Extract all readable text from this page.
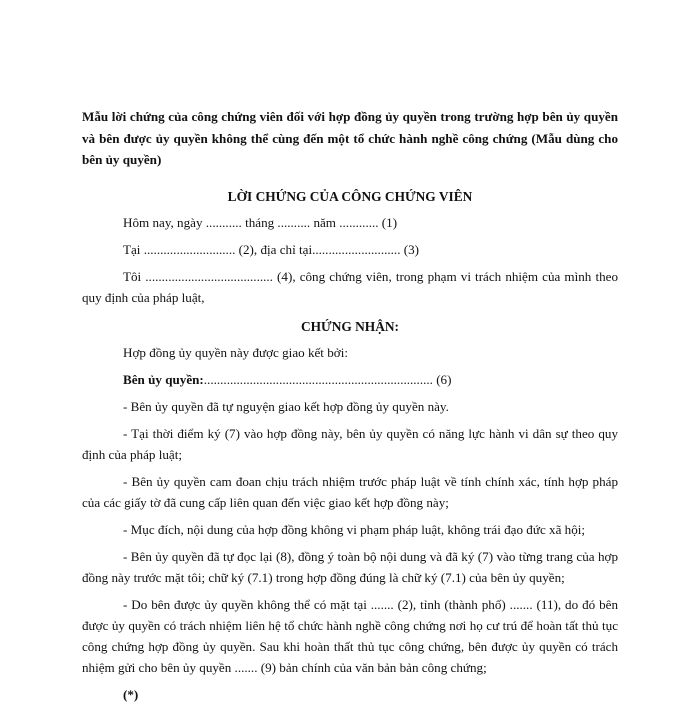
Mẫu lời chứng của công chứng viên đối với hợp đồng ủy quyền trong trường hợp bên ủy quyền và bên được ủy quyền không thể cùng đến một tổ chức hành nghề công chứng (Mẫu dùng cho bên ủy quyền)

LỜI CHỨNG CỦA CÔNG CHỨNG VIÊN

Hôm nay, ngày ........... tháng .......... năm ............ (1)

Tại ............................ (2), địa chỉ tại........................... (3)

Tôi ....................................... (4), công chứng viên, trong phạm vi trách nhiệm của mình theo quy định của pháp luật,

CHỨNG NHẬN:

Hợp đồng ủy quyền này được giao kết bởi:

Bên ủy quyền:...................................................................... (6)

- Bên ủy quyền đã tự nguyện giao kết hợp đồng ủy quyền này.

- Tại thời điểm ký (7) vào hợp đồng này, bên ủy quyền có năng lực hành vi dân sự theo quy định của pháp luật;

- Bên ủy quyền cam đoan chịu trách nhiệm trước pháp luật về tính chính xác, tính hợp pháp của các giấy tờ đã cung cấp liên quan đến việc giao kết hợp đồng này;

- Mục đích, nội dung của hợp đồng không vi phạm pháp luật, không trái đạo đức xã hội;

- Bên ủy quyền đã tự đọc lại (8), đồng ý toàn bộ nội dung và đã ký (7) vào từng trang của hợp đồng này trước mặt tôi; chữ ký (7.1) trong hợp đồng đúng là chữ ký (7.1) của bên ủy quyền;

- Do bên được ủy quyền không thể có mặt tại ....... (2), tỉnh (thành phố) ....... (11), do đó bên được ủy quyền có trách nhiệm liên hệ tổ chức hành nghề công chứng nơi họ cư trú để hoàn tất thủ tục công chứng hợp đồng ủy quyền. Sau khi hoàn thất thủ tục công chứng, bên được ủy quyền có trách nhiệm gửi cho bên ủy quyền ....... (9) bản chính của văn bản bản công chứng;

(*)
